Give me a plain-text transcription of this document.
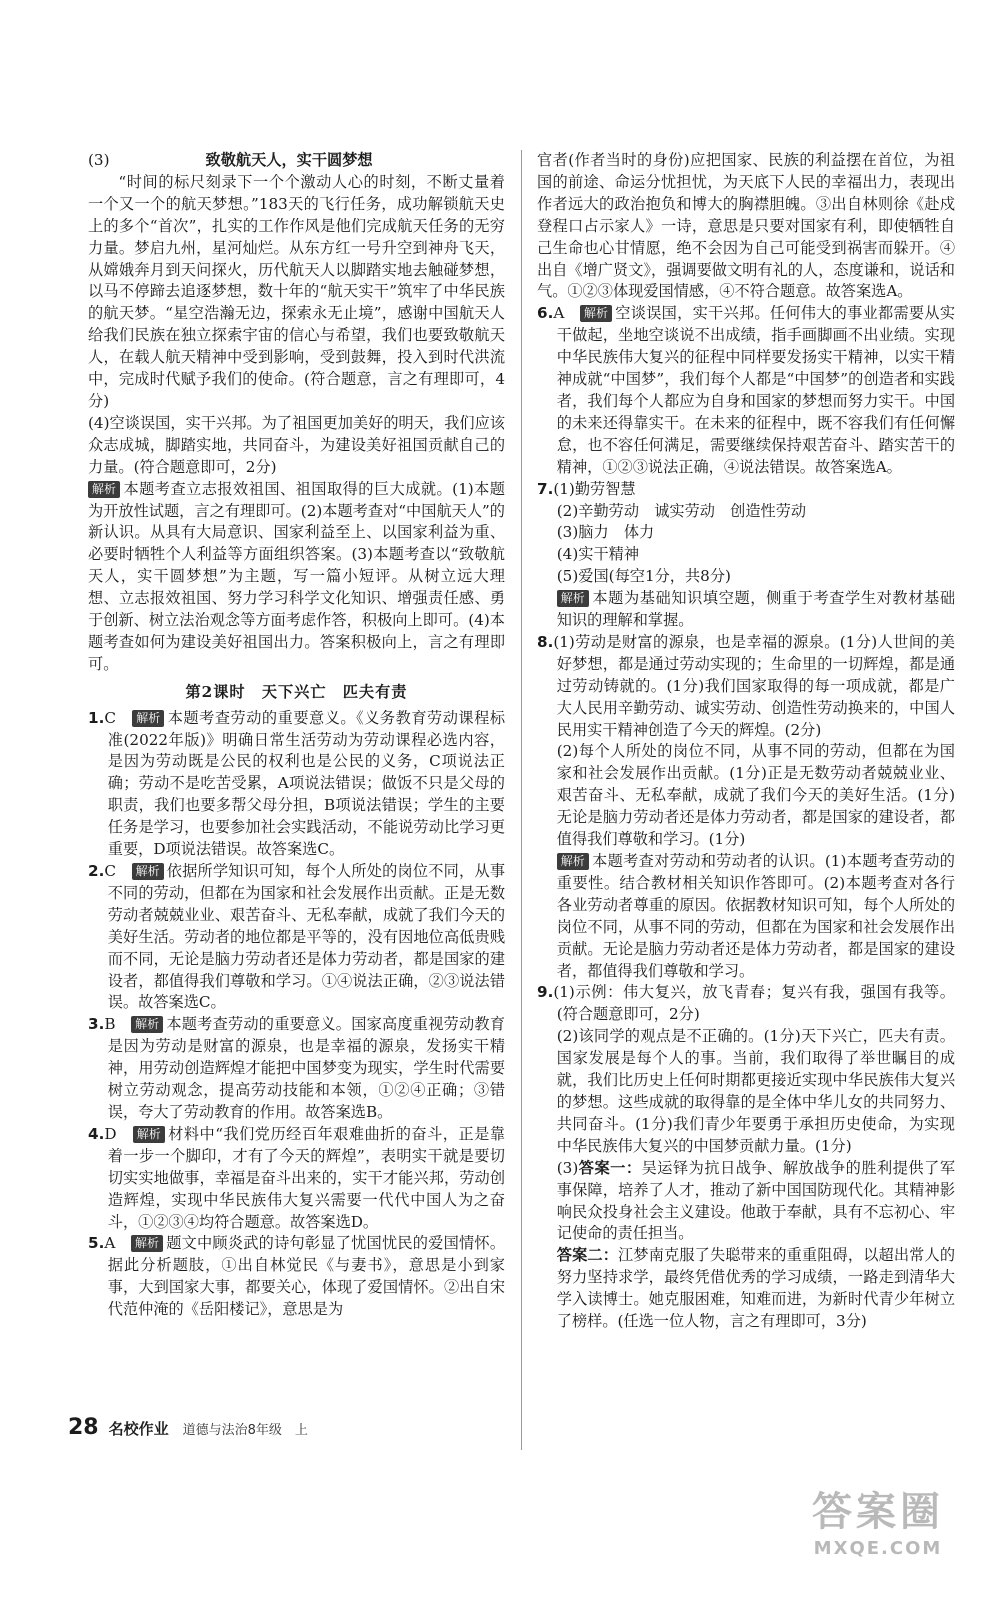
(3)	致敬航天人，实干圆梦想

“时间的标尺刻录下一个个激动人心的时刻，不断丈量着一个又一个的航天梦想。”183天的飞行任务，成功解锁航天史上的多个“首次”，扎实的工作作风是他们完成航天任务的无穷力量。梦启九州，星河灿烂。从东方红一号升空到神舟飞天，从嫦娥奔月到天问探火，历代航天人以脚踏实地去触碰梦想，以马不停蹄去追逐梦想，数十年的“航天实干”筑牢了中华民族的航天梦。“星空浩瀚无边，探索永无止境”，感谢中国航天人给我们民族在独立探索宇宙的信心与希望，我们也要致敬航天人，在载人航天精神中受到影响，受到鼓舞，投入到时代洪流中，完成时代赋予我们的使命。(符合题意，言之有理即可，4分)

(4)空谈误国，实干兴邦。为了祖国更加美好的明天，我们应该众志成城，脚踏实地，共同奋斗，为建设美好祖国贡献自己的力量。(符合题意即可，2分)

解析 本题考查立志报效祖国、祖国取得的巨大成就。(1)本题为开放性试题，言之有理即可。(2)本题考查对“中国航天人”的新认识。从具有大局意识、国家利益至上、以国家利益为重、必要时牺牲个人利益等方面组织答案。(3)本题考查以“致敬航天人，实干圆梦想”为主题，写一篇小短评。从树立远大理想、立志报效祖国、努力学习科学文化知识、增强责任感、勇于创新、树立法治观念等方面考虑作答，积极向上即可。(4)本题考查如何为建设美好祖国出力。答案积极向上，言之有理即可。

第2课时　天下兴亡　匹夫有责

1.C　 解析 本题考查劳动的重要意义。《义务教育劳动课程标准(2022年版)》明确日常生活劳动为劳动课程必选内容，是因为劳动既是公民的权利也是公民的义务，C项说法正确；劳动不是吃苦受累，A项说法错误；做饭不只是父母的职责，我们也要多帮父母分担，B项说法错误；学生的主要任务是学习，也要参加社会实践活动，不能说劳动比学习更重要，D项说法错误。故答案选C。

2.C　 解析 依据所学知识可知，每个人所处的岗位不同，从事不同的劳动，但都在为国家和社会发展作出贡献。正是无数劳动者兢兢业业、艰苦奋斗、无私奉献，成就了我们今天的美好生活。劳动者的地位都是平等的，没有因地位高低贵贱而不同，无论是脑力劳动者还是体力劳动者，都是国家的建设者，都值得我们尊敬和学习。①④说法正确，②③说法错误。故答案选C。

3.B　 解析 本题考查劳动的重要意义。国家高度重视劳动教育是因为劳动是财富的源泉，也是幸福的源泉，发扬实干精神，用劳动创造辉煌才能把中国梦变为现实，学生时代需要树立劳动观念，提高劳动技能和本领，①②④正确；③错误，夸大了劳动教育的作用。故答案选B。

4.D　 解析 材料中“我们党历经百年艰难曲折的奋斗，正是靠着一步一个脚印，才有了今天的辉煌”，表明实干就是要切切实实地做事，幸福是奋斗出来的，实干才能兴邦，劳动创造辉煌，实现中华民族伟大复兴需要一代代中国人为之奋斗，①②③④均符合题意。故答案选D。

5.A　 解析 题文中顾炎武的诗句彰显了忧国忧民的爱国情怀。据此分析题肢，①出自林觉民《与妻书》，意思是小到家事，大到国家大事，都要关心，体现了爱国情怀。②出自宋代范仲淹的《岳阳楼记》，意思是为

官者(作者当时的身份)应把国家、民族的利益摆在首位，为祖国的前途、命运分忧担忧，为天底下人民的幸福出力，表现出作者远大的政治抱负和博大的胸襟胆魄。③出自林则徐《赴戍登程口占示家人》一诗，意思是只要对国家有利，即使牺牲自己生命也心甘情愿，绝不会因为自己可能受到祸害而躲开。④出自《增广贤文》，强调要做文明有礼的人，态度谦和，说话和气。①②③体现爱国情感，④不符合题意。故答案选A。

6.A　 解析 空谈误国，实干兴邦。任何伟大的事业都需要从实干做起，坐地空谈说不出成绩，指手画脚画不出业绩。实现中华民族伟大复兴的征程中同样要发扬实干精神，以实干精神成就“中国梦”，我们每个人都是“中国梦”的创造者和实践者，我们每个人都应为自身和国家的梦想而努力实干。中国的未来还得靠实干。在未来的征程中，既不容我们有任何懈怠，也不容任何满足，需要继续保持艰苦奋斗、踏实苦干的精神，①②③说法正确，④说法错误。故答案选A。

7.(1)勤劳智慧

(2)辛勤劳动　诚实劳动　创造性劳动

(3)脑力　体力

(4)实干精神

(5)爱国(每空1分，共8分)

解析 本题为基础知识填空题，侧重于考查学生对教材基础知识的理解和掌握。

8.(1)劳动是财富的源泉，也是幸福的源泉。(1分)人世间的美好梦想，都是通过劳动实现的；生命里的一切辉煌，都是通过劳动铸就的。(1分)我们国家取得的每一项成就，都是广大人民用辛勤劳动、诚实劳动、创造性劳动换来的，中国人民用实干精神创造了今天的辉煌。(2分)

(2)每个人所处的岗位不同，从事不同的劳动，但都在为国家和社会发展作出贡献。(1分)正是无数劳动者兢兢业业、艰苦奋斗、无私奉献，成就了我们今天的美好生活。(1分)无论是脑力劳动者还是体力劳动者，都是国家的建设者，都值得我们尊敬和学习。(1分)

解析 本题考查对劳动和劳动者的认识。(1)本题考查劳动的重要性。结合教材相关知识作答即可。(2)本题考查对各行各业劳动者尊重的原因。依据教材知识可知，每个人所处的岗位不同，从事不同的劳动，但都在为国家和社会发展作出贡献。无论是脑力劳动者还是体力劳动者，都是国家的建设者，都值得我们尊敬和学习。

9.(1)示例：伟大复兴，放飞青春；复兴有我，强国有我等。(符合题意即可，2分)

(2)该同学的观点是不正确的。(1分)天下兴亡，匹夫有责。国家发展是每个人的事。当前，我们取得了举世瞩目的成就，我们比历史上任何时期都更接近实现中华民族伟大复兴的梦想。这些成就的取得靠的是全体中华儿女的共同努力、共同奋斗。(1分)我们青少年要勇于承担历史使命，为实现中华民族伟大复兴的中国梦贡献力量。(1分)

(3)答案一：吴运铎为抗日战争、解放战争的胜利提供了军事保障，培养了人才，推动了新中国国防现代化。其精神影响民众投身社会主义建设。他敢于奉献，具有不忘初心、牢记使命的责任担当。

答案二：江梦南克服了失聪带来的重重阻碍，以超出常人的努力坚持求学，最终凭借优秀的学习成绩，一路走到清华大学入读博士。她克服困难，知难而进，为新时代青少年树立了榜样。(任选一位人物，言之有理即可，3分)

28 名校作业 道德与法治8年级　上
答案圈
MXQE.COM
